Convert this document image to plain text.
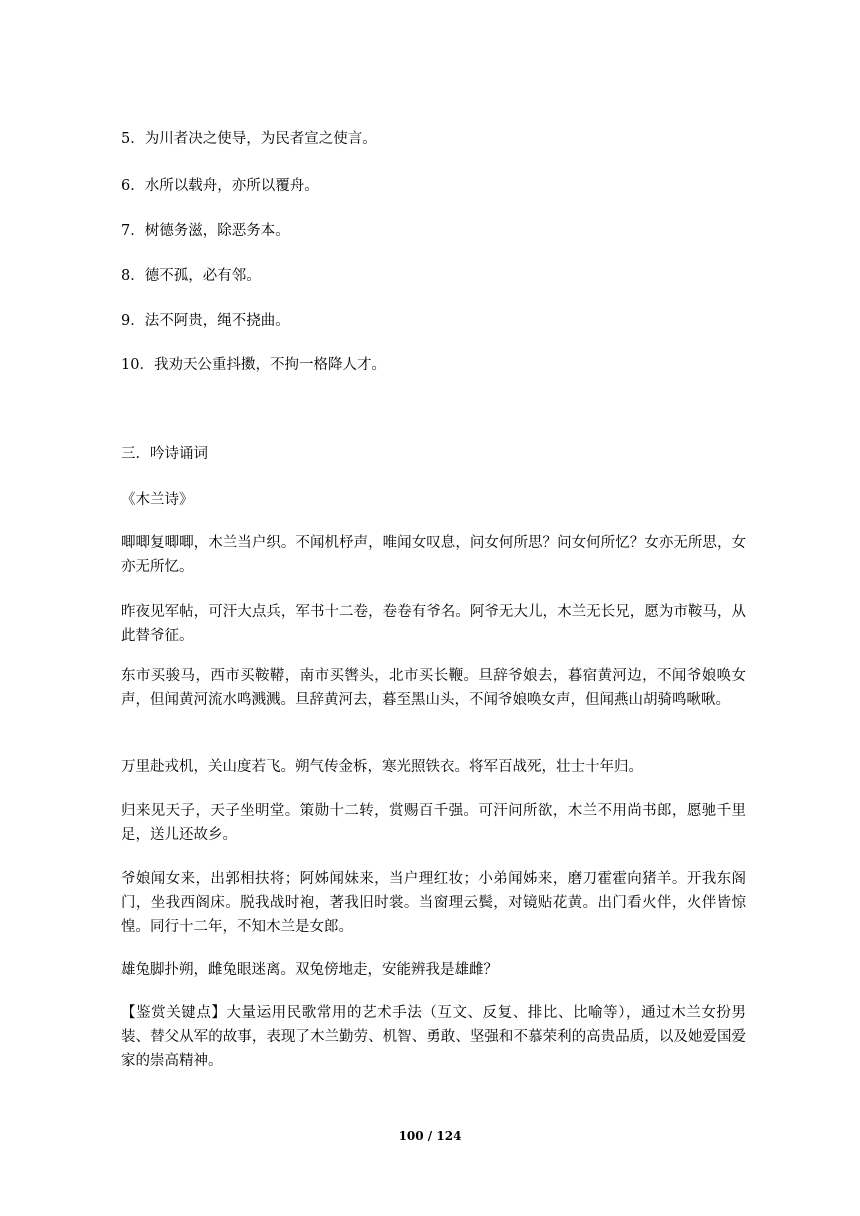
5．为川者决之使导，为民者宣之使言。
6．水所以载舟，亦所以覆舟。
7．树德务滋，除恶务本。
8．德不孤，必有邻。
9．法不阿贵，绳不挠曲。
10．我劝天公重抖擞，不拘一格降人才。
三．吟诗诵词
《木兰诗》
唧唧复唧唧，木兰当户织。不闻机杼声，唯闻女叹息，问女何所思？问女何所忆？女亦无所思，女亦无所忆。
昨夜见军帖，可汗大点兵，军书十二卷，卷卷有爷名。阿爷无大儿，木兰无长兄，愿为市鞍马，从此替爷征。
东市买骏马，西市买鞍鞯，南市买辔头，北市买长鞭。旦辞爷娘去，暮宿黄河边，不闻爷娘唤女声，但闻黄河流水鸣溅溅。旦辞黄河去，暮至黑山头，不闻爷娘唤女声，但闻燕山胡骑鸣啾啾。
万里赴戎机，关山度若飞。朔气传金柝，寒光照铁衣。将军百战死，壮士十年归。
归来见天子，天子坐明堂。策勋十二转，赏赐百千强。可汗问所欲，木兰不用尚书郎，愿驰千里足，送儿还故乡。
爷娘闻女来，出郭相扶将；阿姊闻妹来，当户理红妆；小弟闻姊来，磨刀霍霍向猪羊。开我东阁门，坐我西阁床。脱我战时袍，著我旧时裳。当窗理云鬓，对镜贴花黄。出门看火伴，火伴皆惊惶。同行十二年，不知木兰是女郎。
雄兔脚扑朔，雌兔眼迷离。双兔傍地走，安能辨我是雄雌？
【鉴赏关键点】大量运用民歌常用的艺术手法（互文、反复、排比、比喻等），通过木兰女扮男装、替父从军的故事，表现了木兰勤劳、机智、勇敢、坚强和不慕荣利的高贵品质，以及她爱国爱家的崇高精神。
100 / 124
